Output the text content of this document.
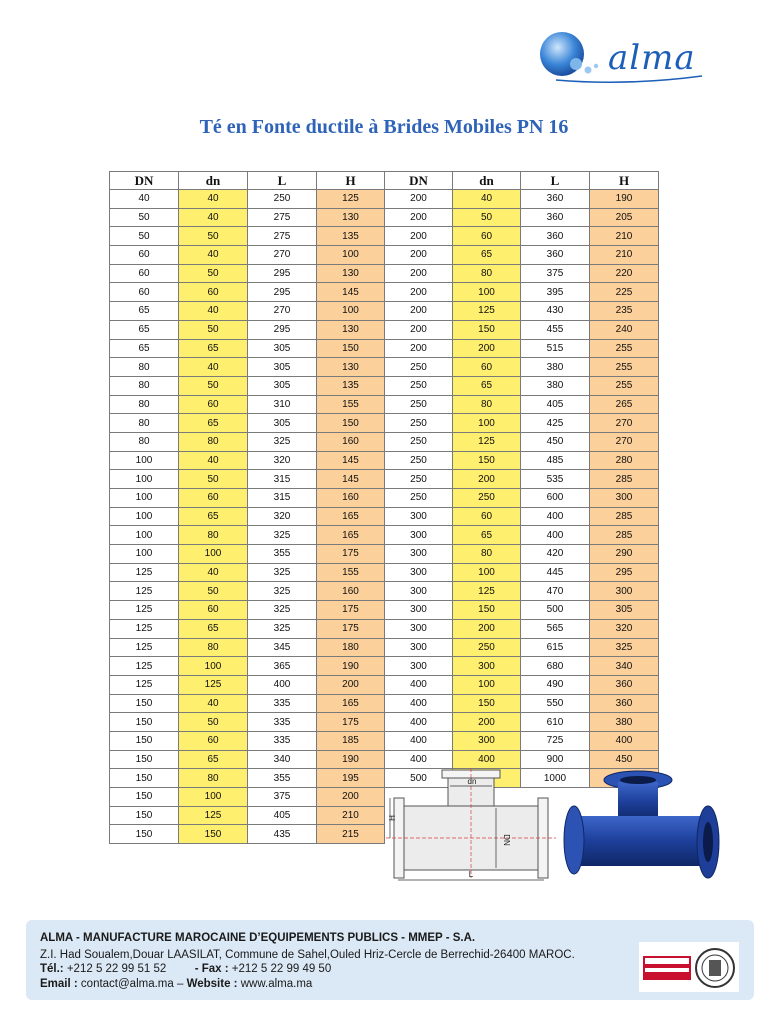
alma
Té en Fonte ductile à Brides Mobiles PN 16
DN	dn	L	H
40	40	250	125
50	40	275	130
50	50	275	135
60	40	270	100
60	50	295	130
60	60	295	145
65	40	270	100
65	50	295	130
65	65	305	150
80	40	305	130
80	50	305	135
80	60	310	155
80	65	305	150
80	80	325	160
100	40	320	145
100	50	315	145
100	60	315	160
100	65	320	165
100	80	325	165
100	100	355	175
125	40	325	155
125	50	325	160
125	60	325	175
125	65	325	175
125	80	345	180
125	100	365	190
125	125	400	200
150	40	335	165
150	50	335	175
150	60	335	185
150	65	340	190
150	80	355	195
150	100	375	200
150	125	405	210
150	150	435	215
DN	dn	L	H
200	40	360	190
200	50	360	205
200	60	360	210
200	65	360	210
200	80	375	220
200	100	395	225
200	125	430	235
200	150	455	240
200	200	515	255
250	60	380	255
250	65	380	255
250	80	405	265
250	100	425	270
250	125	450	270
250	150	485	280
250	200	535	285
250	250	600	300
300	60	400	285
300	65	400	285
300	80	420	290
300	100	445	295
300	125	470	300
300	150	500	305
300	200	565	320
300	250	615	325
300	300	680	340
400	100	490	360
400	150	550	360
400	200	610	380
400	300	725	400
400	400	900	450
500		1000	
dn
DN
L
H
ALMA - MANUFACTURE MAROCAINE D’EQUIPEMENTS PUBLICS - MMEP - S.A.
Z.I. Had Soualem,Douar LAASILAT, Commune de Sahel,Ouled Hriz-Cercle de Berrechid-26400 MAROC.
Tél.: +212 5 22 99 51 52 - Fax : +212 5 22 99 49 50
Email : contact@alma.ma – Website : www.alma.ma
